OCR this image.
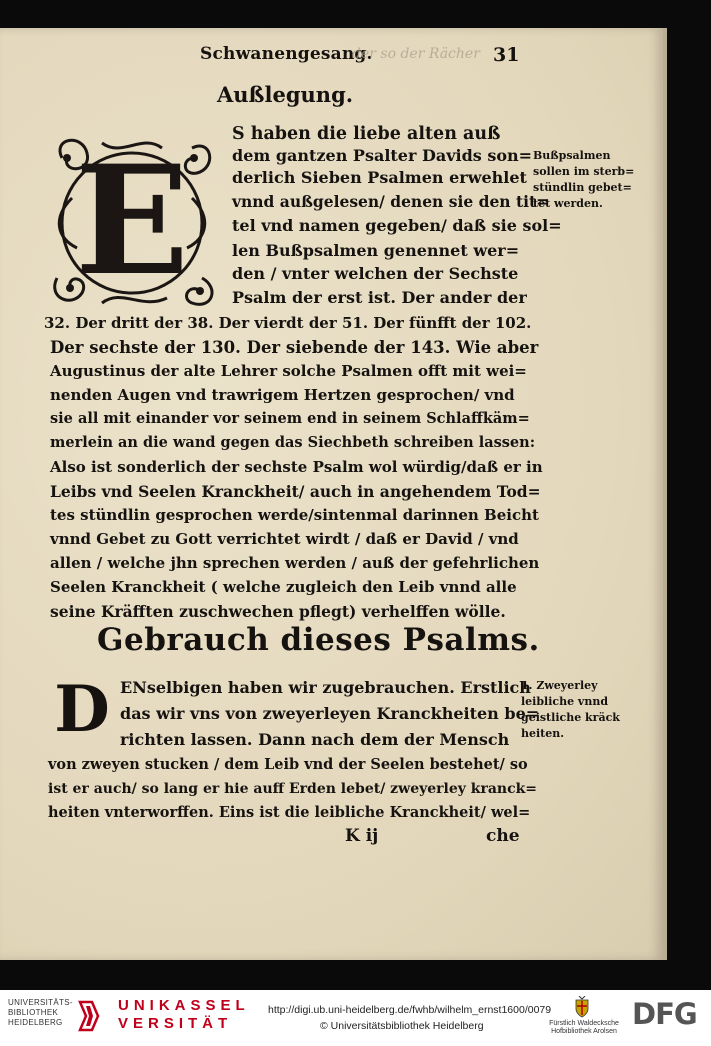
Schwanengesang.
der so der Rächer 31
Außlegung.
E	S haben die liebe alten auß
dem gantzen Psalter Davids son=
derlich Sieben Psalmen erwehlet
vnnd außgelesen/ denen sie den tit=
tel vnd namen gegeben/ daß sie sol=
len Bußpsalmen genennet wer=
den / vnter welchen der Sechste
Psalm der erst ist. Der ander der
32. Der dritt der 38. Der vierdt der 51. Der fünfft der 102.
Der sechste der 130. Der siebende der 143. Wie aber
Augustinus der alte Lehrer solche Psalmen offt mit wei=
nenden Augen vnd trawrigem Hertzen gesprochen/ vnd
sie all mit einander vor seinem end in seinem Schlaffkäm=
merlein an die wand gegen das Siechbeth schreiben lassen:
Also ist sonderlich der sechste Psalm wol würdig/daß er in
Leibs vnd Seelen Kranckheit/ auch in angehendem Tod=
tes stündlin gesprochen werde/sintenmal darinnen Beicht
vnnd Gebet zu Gott verrichtet wirdt / daß er David / vnd
allen / welche jhn sprechen werden / auß der gefehrlichen
Seelen Kranckheit ( welche zugleich den Leib vnnd alle
seine Kräfften zuschwechen pflegt) verhelffen wölle.
Bußpsalmen
sollen im sterb=
stündlin gebet=
tet werden.
Gebrauch dieses Psalms.
D ENselbigen haben wir zugebrauchen. Erstlich
das wir vns von zweyerleyen Kranckheiten be=
richten lassen. Dann nach dem der Mensch
von zweyen stucken / dem Leib vnd der Seelen bestehet/ so
ist er auch/ so lang er hie auff Erden lebet/ zweyerley kranck=
heiten vnterworffen. Eins ist die leibliche Kranckheit/ wel=
1. Zweyerley
leibliche vnnd
geistliche kräck
heiten.
K ij	che
UNIVERSITÄTS-
BIBLIOTHEK
HEIDELBERG
UNIKASSEL
VERSITÄT
http://digi.ub.uni-heidelberg.de/fwhb/wilhelm_ernst1600/0079
© Universitätsbibliothek Heidelberg	Fürstlich Waldecksche
Hofbibliothek Arolsen
DFG
